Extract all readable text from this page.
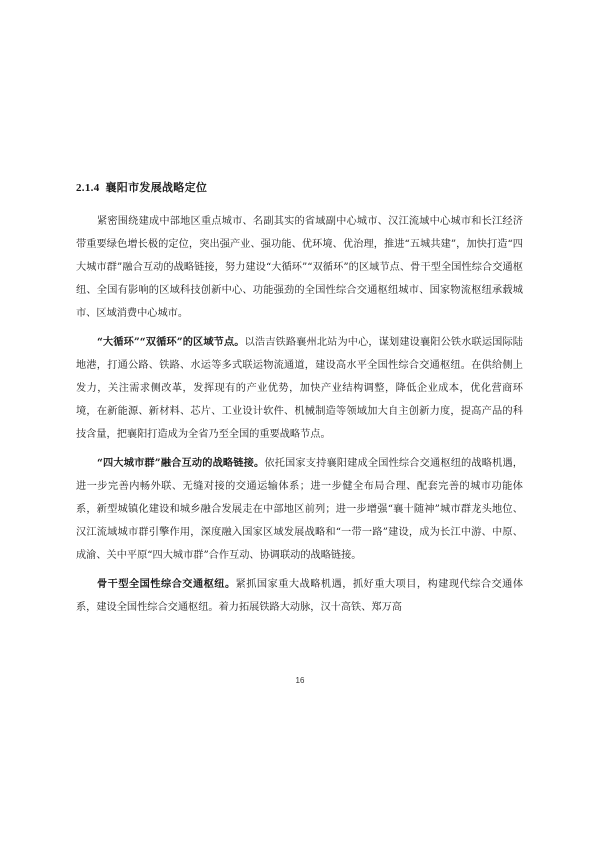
2.1.4 襄阳市发展战略定位

紧密围绕建成中部地区重点城市、名副其实的省域副中心城市、汉江流域中心城市和长江经济带重要绿色增长极的定位，突出强产业、强功能、优环境、优治理，推进“五城共建”，加快打造“四大城市群”融合互动的战略链接，努力建设“大循环”“双循环”的区域节点、骨干型全国性综合交通枢纽、全国有影响的区域科技创新中心、功能强劲的全国性综合交通枢纽城市、国家物流枢纽承载城市、区域消费中心城市。

“大循环”“双循环”的区域节点。以浩吉铁路襄州北站为中心，谋划建设襄阳公铁水联运国际陆地港，打通公路、铁路、水运等多式联运物流通道，建设高水平全国性综合交通枢纽。在供给侧上发力，关注需求侧改革，发挥现有的产业优势，加快产业结构调整，降低企业成本，优化营商环境，在新能源、新材料、芯片、工业设计软件、机械制造等领域加大自主创新力度，提高产品的科技含量，把襄阳打造成为全省乃至全国的重要战略节点。

“四大城市群”融合互动的战略链接。依托国家支持襄阳建成全国性综合交通枢纽的战略机遇，进一步完善内畅外联、无缝对接的交通运输体系；进一步健全布局合理、配套完善的城市功能体系，新型城镇化建设和城乡融合发展走在中部地区前列；进一步增强“襄十随神”城市群龙头地位、汉江流域城市群引擎作用，深度融入国家区域发展战略和“一带一路”建设，成为长江中游、中原、成渝、关中平原“四大城市群”合作互动、协调联动的战略链接。

骨干型全国性综合交通枢纽。紧抓国家重大战略机遇，抓好重大项目，构建现代综合交通体系，建设全国性综合交通枢纽。着力拓展铁路大动脉，汉十高铁、郑万高

16
